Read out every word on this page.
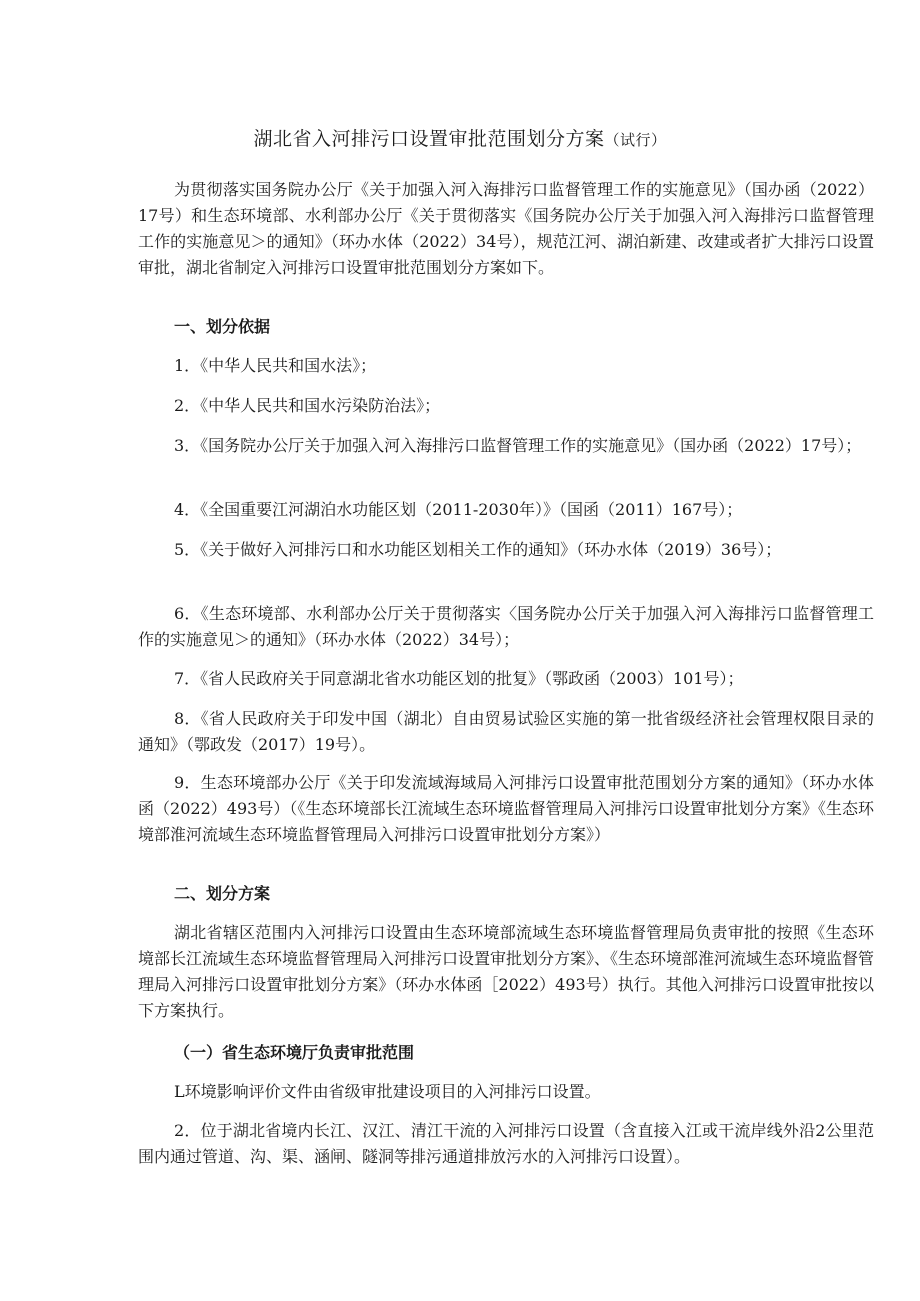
湖北省入河排污口设置审批范围划分方案（试行）

为贯彻落实国务院办公厅《关于加强入河入海排污口监督管理工作的实施意见》（国办函（2022）17号）和生态环境部、水利部办公厅《关于贯彻落实《国务院办公厅关于加强入河入海排污口监督管理工作的实施意见＞的通知》（环办水体（2022）34号），规范江河、湖泊新建、改建或者扩大排污口设置审批，湖北省制定入河排污口设置审批范围划分方案如下。

一、划分依据

1．《中华人民共和国水法》；

2．《中华人民共和国水污染防治法》；

3．《国务院办公厅关于加强入河入海排污口监督管理工作的实施意见》（国办函（2022）17号）；

4．《全国重要江河湖泊水功能区划（2011-2030年）》（国函（2011）167号）；

5．《关于做好入河排污口和水功能区划相关工作的通知》（环办水体（2019）36号）；

6．《生态环境部、水利部办公厅关于贯彻落实〈国务院办公厅关于加强入河入海排污口监督管理工作的实施意见＞的通知》（环办水体（2022）34号）；

7．《省人民政府关于同意湖北省水功能区划的批复》（鄂政函（2003）101号）；

8．《省人民政府关于印发中国（湖北）自由贸易试验区实施的第一批省级经济社会管理权限目录的通知》（鄂政发（2017）19号）。

9．生态环境部办公厅《关于印发流域海域局入河排污口设置审批范围划分方案的通知》（环办水体函（2022）493号）（《生态环境部长江流域生态环境监督管理局入河排污口设置审批划分方案》《生态环境部淮河流域生态环境监督管理局入河排污口设置审批划分方案》）

二、划分方案

湖北省辖区范围内入河排污口设置由生态环境部流域生态环境监督管理局负责审批的按照《生态环境部长江流域生态环境监督管理局入河排污口设置审批划分方案》、《生态环境部淮河流域生态环境监督管理局入河排污口设置审批划分方案》（环办水体函［2022）493号）执行。其他入河排污口设置审批按以下方案执行。

（一）省生态环境厅负责审批范围

L环境影响评价文件由省级审批建设项目的入河排污口设置。

2．位于湖北省境内长江、汉江、清江干流的入河排污口设置（含直接入江或干流岸线外沿2公里范围内通过管道、沟、渠、涵闸、隧洞等排污通道排放污水的入河排污口设置）。
